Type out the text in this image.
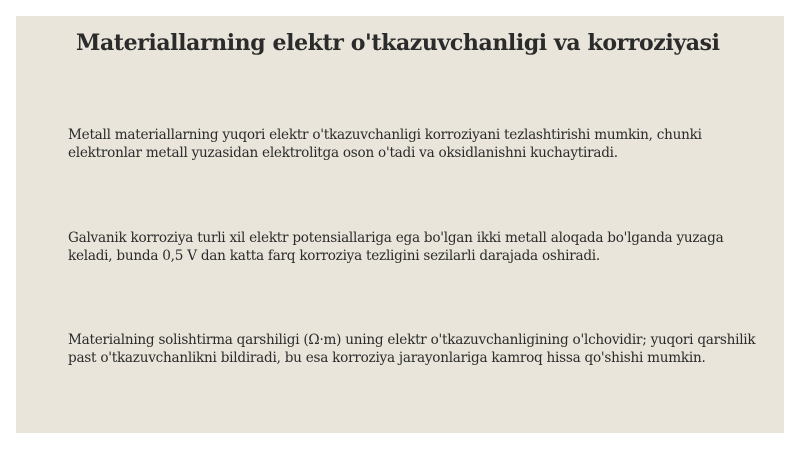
Materiallarning elektr o'tkazuvchanligi va korroziyasi

Metall materiallarning yuqori elektr o'tkazuvchanligi korroziyani tezlashtirishi mumkin, chunki elektronlar metall yuzasidan elektrolitga oson o'tadi va oksidlanishni kuchaytiradi.

Galvanik korroziya turli xil elektr potensiallariga ega bo'lgan ikki metall aloqada bo'lganda yuzaga keladi, bunda 0,5 V dan katta farq korroziya tezligini sezilarli darajada oshiradi.

Materialning solishtirma qarshiligi (Ω·m) uning elektr o'tkazuvchanligining o'lchovidir; yuqori qarshilik past o'tkazuvchanlikni bildiradi, bu esa korroziya jarayonlariga kamroq hissa qo'shishi mumkin.
